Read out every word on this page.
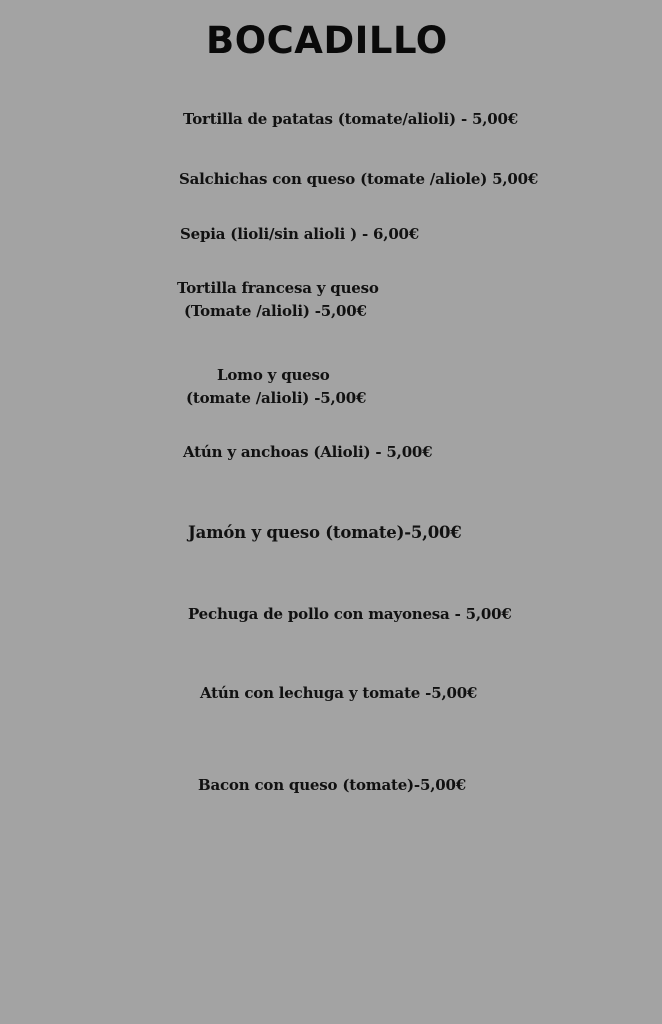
BOCADILLO

Tortilla de patatas (tomate/alioli) - 5,00€

Salchichas con queso (tomate /aliole) 5,00€

Sepia (lioli/sin alioli ) - 6,00€

Tortilla francesa y queso
(Tomate /alioli) -5,00€

Lomo y queso
(tomate /alioli) -5,00€

Atún y anchoas (Alioli) - 5,00€

Jamón y queso (tomate)-5,00€

Pechuga de pollo con mayonesa - 5,00€

Atún con lechuga y tomate -5,00€

Bacon con queso (tomate)-5,00€
